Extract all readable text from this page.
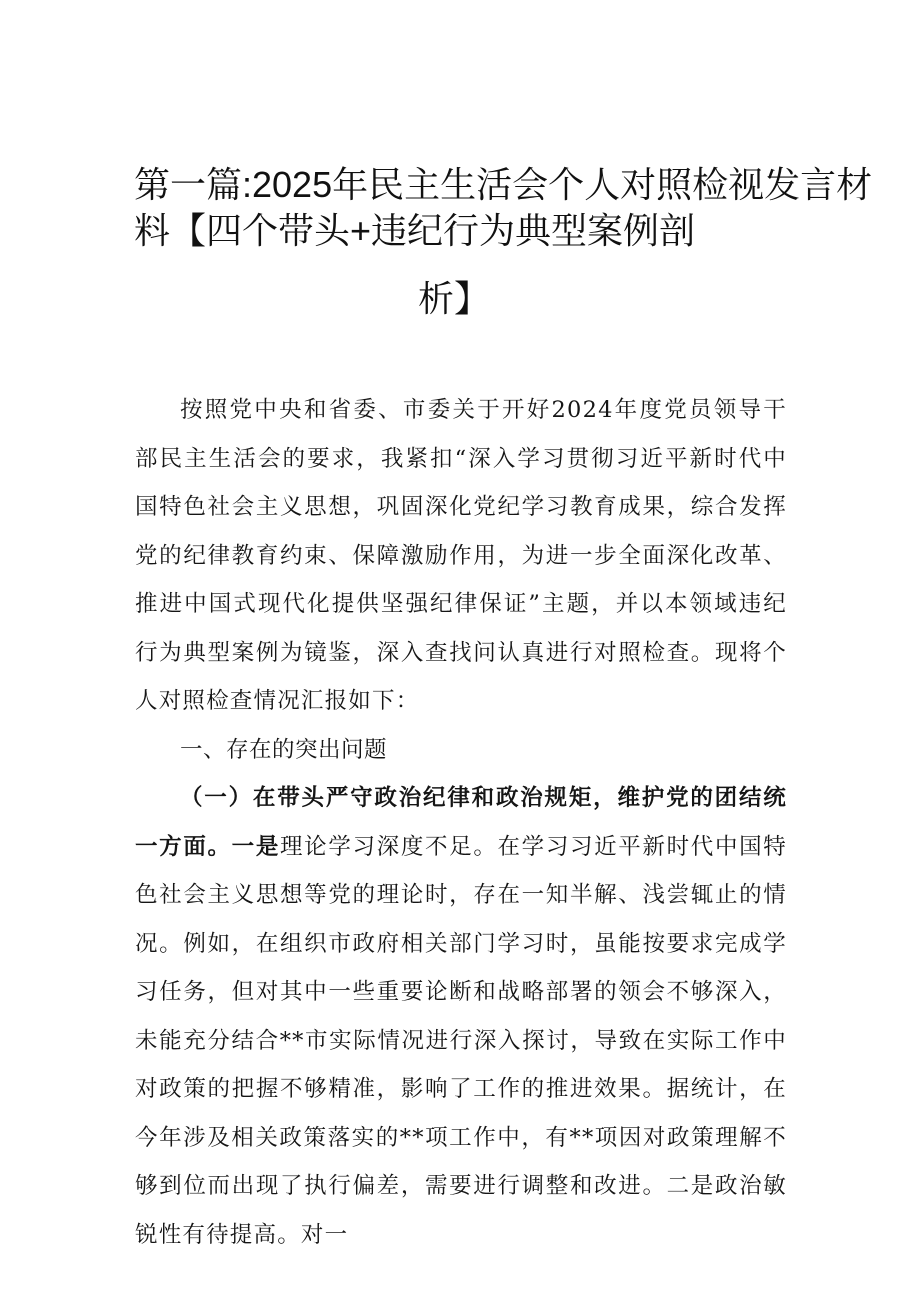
第一篇:2025年民主生活会个人对照检视发言材
料【四个带头+违纪行为典型案例剖
析】

按照党中央和省委、市委关于开好2024年度党员领导干部民主生活会的要求，我紧扣“深入学习贯彻习近平新时代中国特色社会主义思想，巩固深化党纪学习教育成果，综合发挥党的纪律教育约束、保障激励作用，为进一步全面深化改革、推进中国式现代化提供坚强纪律保证”主题，并以本领域违纪行为典型案例为镜鉴，深入查找问认真进行对照检查。现将个人对照检查情况汇报如下：

一、存在的突出问题

（一）在带头严守政治纪律和政治规矩，维护党的团结统一方面。一是理论学习深度不足。在学习习近平新时代中国特色社会主义思想等党的理论时，存在一知半解、浅尝辄止的情况。例如，在组织市政府相关部门学习时，虽能按要求完成学习任务，但对其中一些重要论断和战略部署的领会不够深入，未能充分结合**市实际情况进行深入探讨，导致在实际工作中对政策的把握不够精准，影响了工作的推进效果。据统计，在今年涉及相关政策落实的**项工作中，有**项因对政策理解不够到位而出现了执行偏差，需要进行调整和改进。二是政治敏锐性有待提高。对一
